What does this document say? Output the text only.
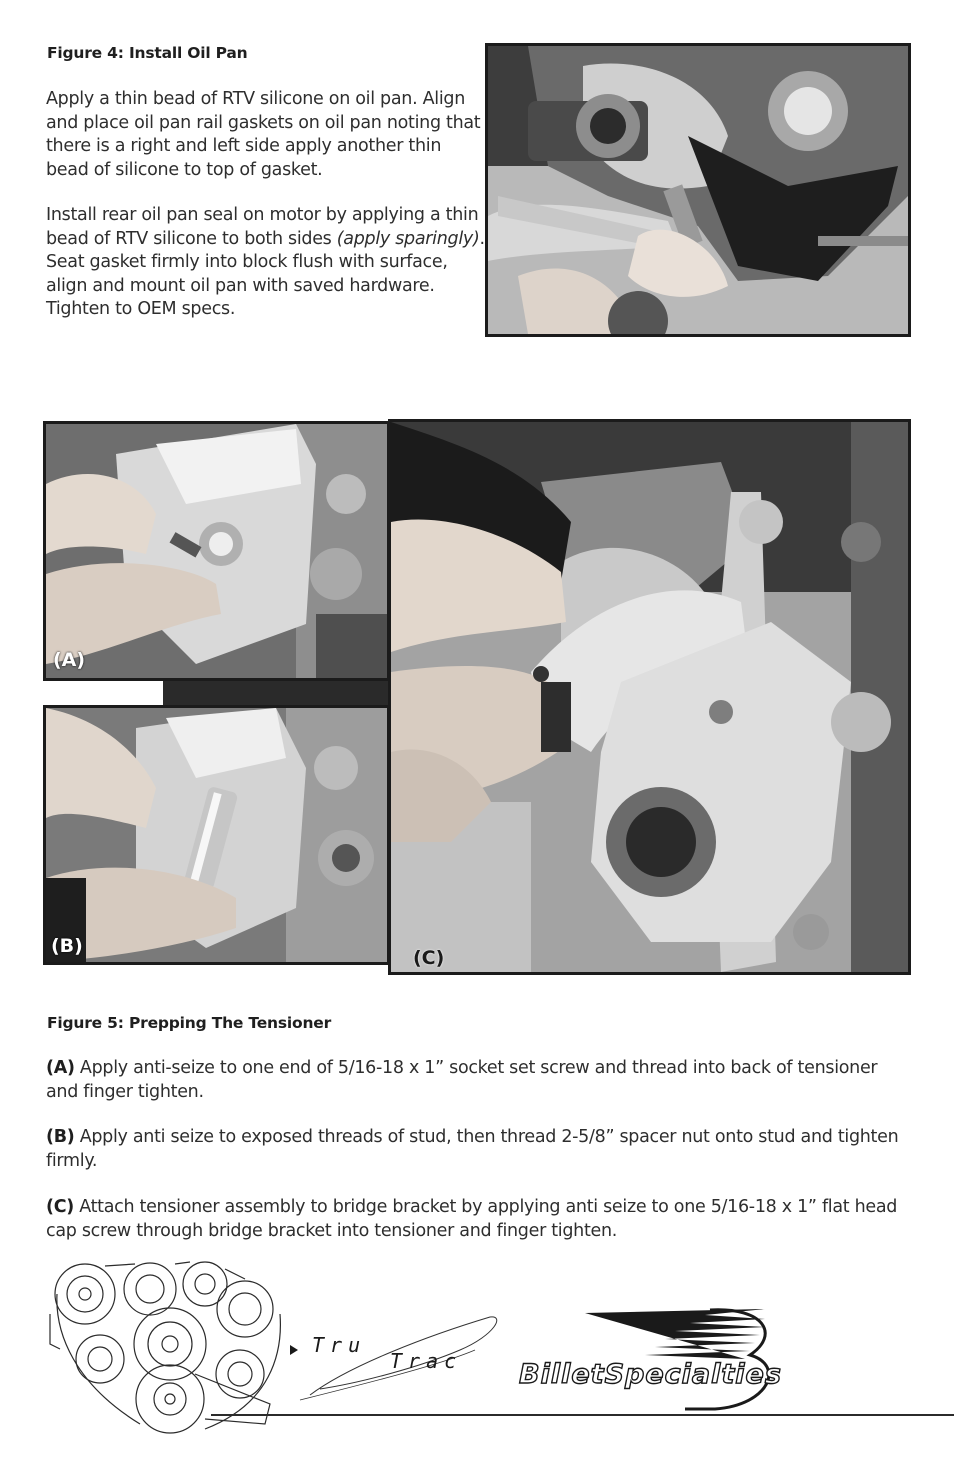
Figure 4: Install Oil Pan
Apply a thin bead of RTV silicone on oil pan. Align and place oil pan rail gaskets on oil pan noting that there is a right and left side apply another thin bead of silicone to top of gasket.
Install rear oil pan seal on motor by applying a thin bead of RTV silicone to both sides (apply sparingly). Seat gasket firmly into block flush with surface, align and mount oil pan with saved hardware. Tighten to OEM specs.
(A)
(C)
(B)
Figure 5: Prepping The Tensioner
(A) Apply anti-seize to one end of 5/16-18 x 1” socket set screw and thread into back of tensioner and finger tighten.
(B) Apply anti seize to exposed threads of stud, then thread 2-5/8” spacer nut onto stud and tighten firmly.
(C) Attach tensioner assembly to bridge bracket by applying anti seize to one 5/16-18 x 1” flat head cap screw through bridge bracket into tensioner and finger tighten.
Tru
Trac BilletSpecialties
